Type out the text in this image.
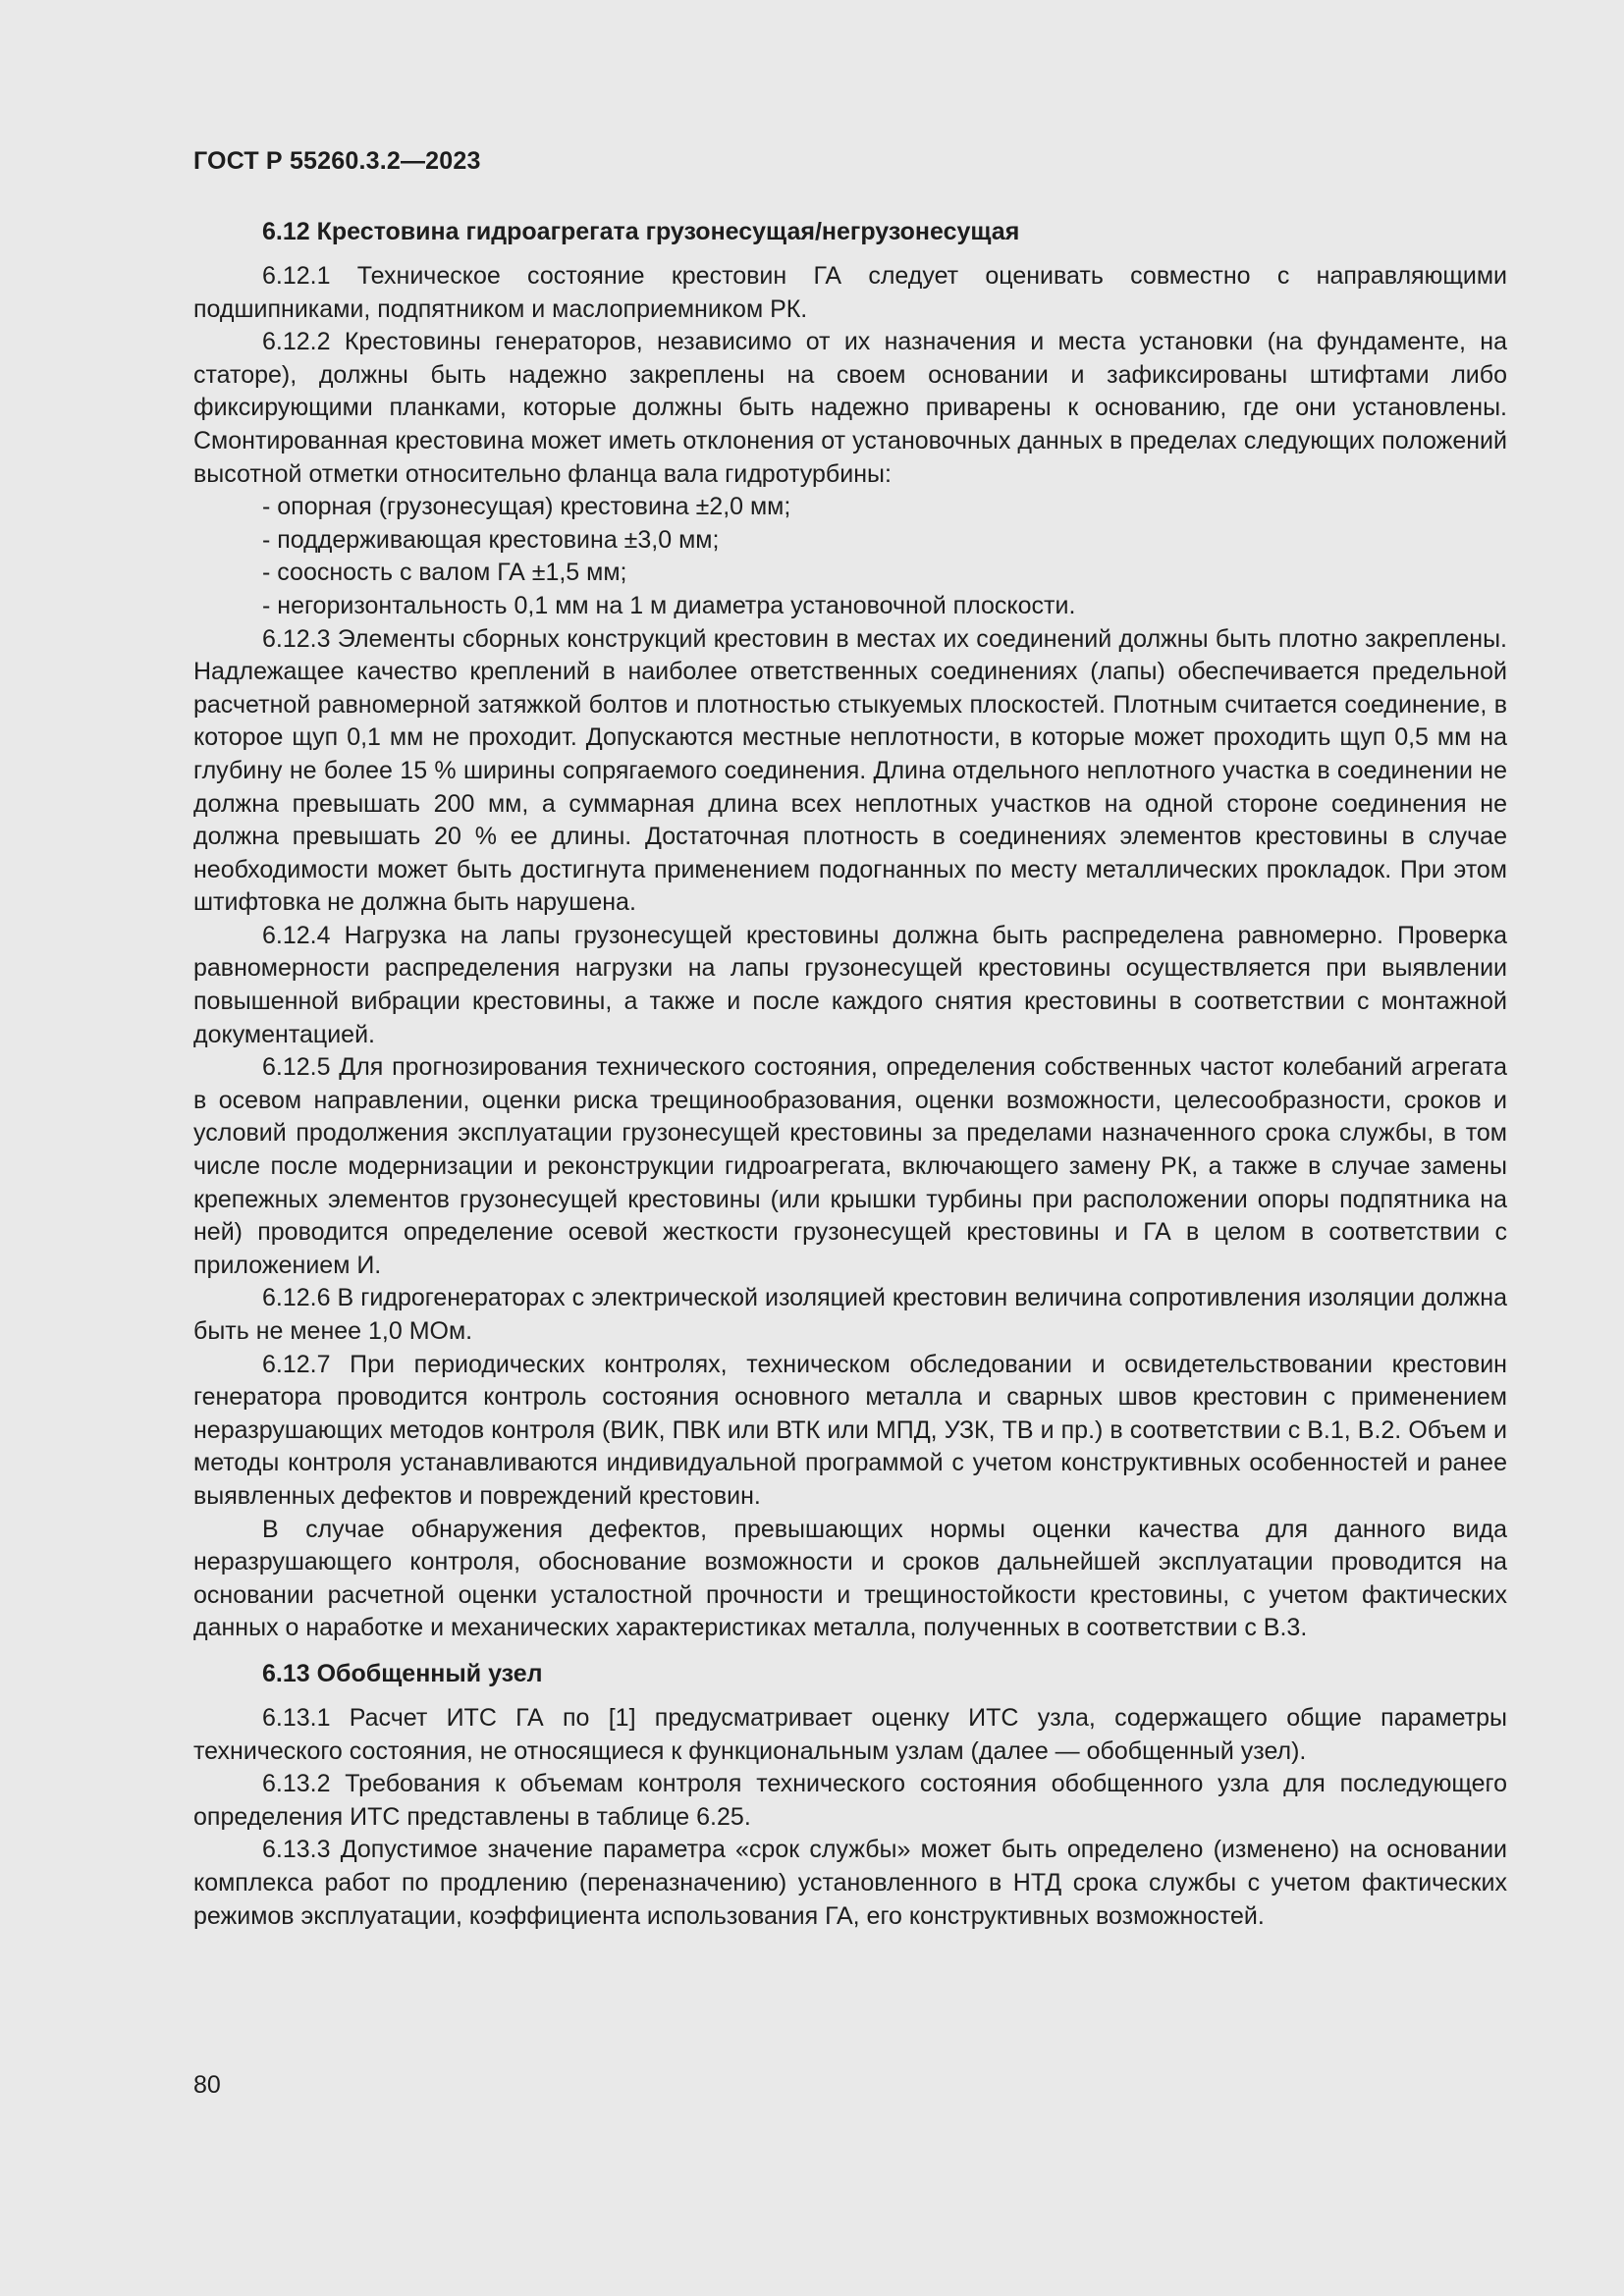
ГОСТ Р 55260.3.2—2023
6.12 Крестовина гидроагрегата грузонесущая/негрузонесущая

6.12.1 Техническое состояние крестовин ГА следует оценивать совместно с направляющими подшипниками, подпятником и маслоприемником РК.

6.12.2 Крестовины генераторов, независимо от их назначения и места установки (на фундаменте, на статоре), должны быть надежно закреплены на своем основании и зафиксированы штифтами либо фиксирующими планками, которые должны быть надежно приварены к основанию, где они установлены. Смонтированная крестовина может иметь отклонения от установочных данных в пределах следующих положений высотной отметки относительно фланца вала гидротурбины:

- опорная (грузонесущая) крестовина ±2,0 мм;

- поддерживающая крестовина ±3,0 мм;

- соосность с валом ГА ±1,5 мм;

- негоризонтальность 0,1 мм на 1 м диаметра установочной плоскости.

6.12.3 Элементы сборных конструкций крестовин в местах их соединений должны быть плотно закреплены. Надлежащее качество креплений в наиболее ответственных соединениях (лапы) обеспечивается предельной расчетной равномерной затяжкой болтов и плотностью стыкуемых плоскостей. Плотным считается соединение, в которое щуп 0,1 мм не проходит. Допускаются местные неплотности, в которые может проходить щуп 0,5 мм на глубину не более 15 % ширины сопрягаемого соединения. Длина отдельного неплотного участка в соединении не должна превышать 200 мм, а суммарная длина всех неплотных участков на одной стороне соединения не должна превышать 20 % ее длины. Достаточная плотность в соединениях элементов крестовины в случае необходимости может быть достигнута применением подогнанных по месту металлических прокладок. При этом штифтовка не должна быть нарушена.

6.12.4 Нагрузка на лапы грузонесущей крестовины должна быть распределена равномерно. Проверка равномерности распределения нагрузки на лапы грузонесущей крестовины осуществляется при выявлении повышенной вибрации крестовины, а также и после каждого снятия крестовины в соответствии с монтажной документацией.

6.12.5 Для прогнозирования технического состояния, определения собственных частот колебаний агрегата в осевом направлении, оценки риска трещинообразования, оценки возможности, целесообразности, сроков и условий продолжения эксплуатации грузонесущей крестовины за пределами назначенного срока службы, в том числе после модернизации и реконструкции гидроагрегата, включающего замену РК, а также в случае замены крепежных элементов грузонесущей крестовины (или крышки турбины при расположении опоры подпятника на ней) проводится определение осевой жесткости грузонесущей крестовины и ГА в целом в соответствии с приложением И.

6.12.6 В гидрогенераторах с электрической изоляцией крестовин величина сопротивления изоляции должна быть не менее 1,0 МОм.

6.12.7 При периодических контролях, техническом обследовании и освидетельствовании крестовин генератора проводится контроль состояния основного металла и сварных швов крестовин с применением неразрушающих методов контроля (ВИК, ПВК или ВТК или МПД, УЗК, ТВ и пр.) в соответствии с В.1, В.2. Объем и методы контроля устанавливаются индивидуальной программой с учетом конструктивных особенностей и ранее выявленных дефектов и повреждений крестовин.

В случае обнаружения дефектов, превышающих нормы оценки качества для данного вида неразрушающего контроля, обоснование возможности и сроков дальнейшей эксплуатации проводится на основании расчетной оценки усталостной прочности и трещиностойкости крестовины, с учетом фактических данных о наработке и механических характеристиках металла, полученных в соответствии с В.3.

6.13 Обобщенный узел

6.13.1 Расчет ИТС ГА по [1] предусматривает оценку ИТС узла, содержащего общие параметры технического состояния, не относящиеся к функциональным узлам (далее — обобщенный узел).

6.13.2 Требования к объемам контроля технического состояния обобщенного узла для последующего определения ИТС представлены в таблице 6.25.

6.13.3 Допустимое значение параметра «срок службы» может быть определено (изменено) на основании комплекса работ по продлению (переназначению) установленного в НТД срока службы с учетом фактических режимов эксплуатации, коэффициента использования ГА, его конструктивных возможностей.

80
